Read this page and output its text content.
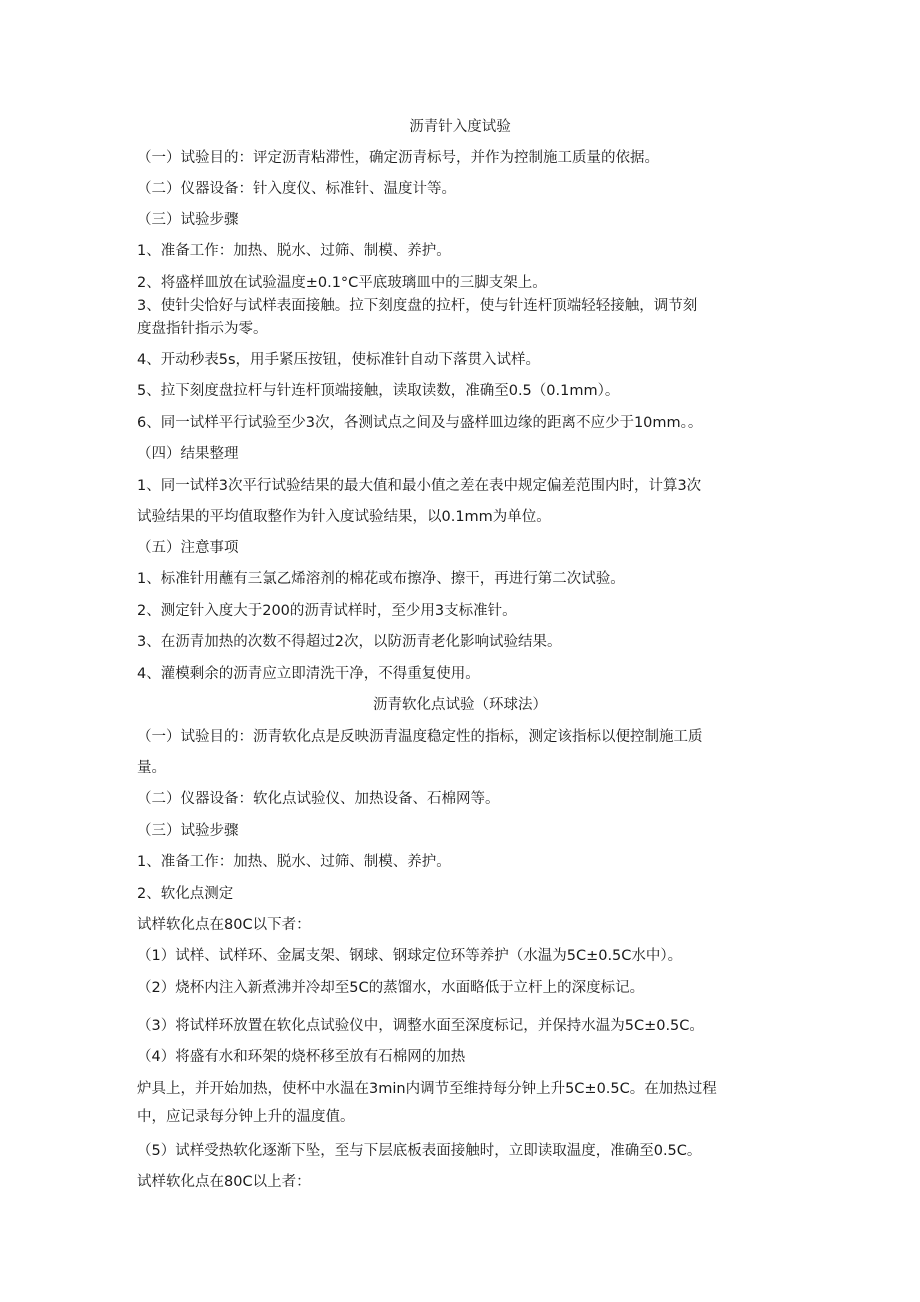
沥青针入度试验
（一）试验目的：评定沥青粘滞性，确定沥青标号，并作为控制施工质量的依据。
（二）仪器设备：针入度仪、标准针、温度计等。
（三）试验步骤
1、准备工作：加热、脱水、过筛、制模、养护。
2、将盛样皿放在试验温度±0.1°C平底玻璃皿中的三脚支架上。
3、使针尖恰好与试样表面接触。拉下刻度盘的拉杆，使与针连杆顶端轻轻接触，调节刻
度盘指针指示为零。
4、开动秒表5s，用手紧压按钮，使标准针自动下落贯入试样。
5、拉下刻度盘拉杆与针连杆顶端接触，读取读数，准确至0.5（0.1mm）。
6、同一试样平行试验至少3次，各测试点之间及与盛样皿边缘的距离不应少于10mm。。
（四）结果整理
1、同一试样3次平行试验结果的最大值和最小值之差在表中规定偏差范围内时，计算3次
试验结果的平均值取整作为针入度试验结果，以0.1mm为单位。
（五）注意事项
1、标准针用蘸有三氯乙烯溶剂的棉花或布擦净、擦干，再进行第二次试验。
2、测定针入度大于200的沥青试样时，至少用3支标准针。
3、在沥青加热的次数不得超过2次，以防沥青老化影响试验结果。
4、灌模剩余的沥青应立即清洗干净，不得重复使用。
沥青软化点试验（环球法）
（一）试验目的：沥青软化点是反映沥青温度稳定性的指标，测定该指标以便控制施工质
量。
（二）仪器设备：软化点试验仪、加热设备、石棉网等。
（三）试验步骤
1、准备工作：加热、脱水、过筛、制模、养护。
2、软化点测定
试样软化点在80C以下者：
（1）试样、试样环、金属支架、钢球、钢球定位环等养护（水温为5C±0.5C水中）。
（2）烧杯内注入新煮沸并冷却至5C的蒸馏水，水面略低于立杆上的深度标记。
（3）将试样环放置在软化点试验仪中，调整水面至深度标记，并保持水温为5C±0.5C。
（4）将盛有水和环架的烧杯移至放有石棉网的加热
炉具上，并开始加热，使杯中水温在3min内调节至维持每分钟上升5C±0.5C。在加热过程
中，应记录每分钟上升的温度值。
（5）试样受热软化逐渐下坠，至与下层底板表面接触时，立即读取温度，准确至0.5C。
试样软化点在80C以上者：
